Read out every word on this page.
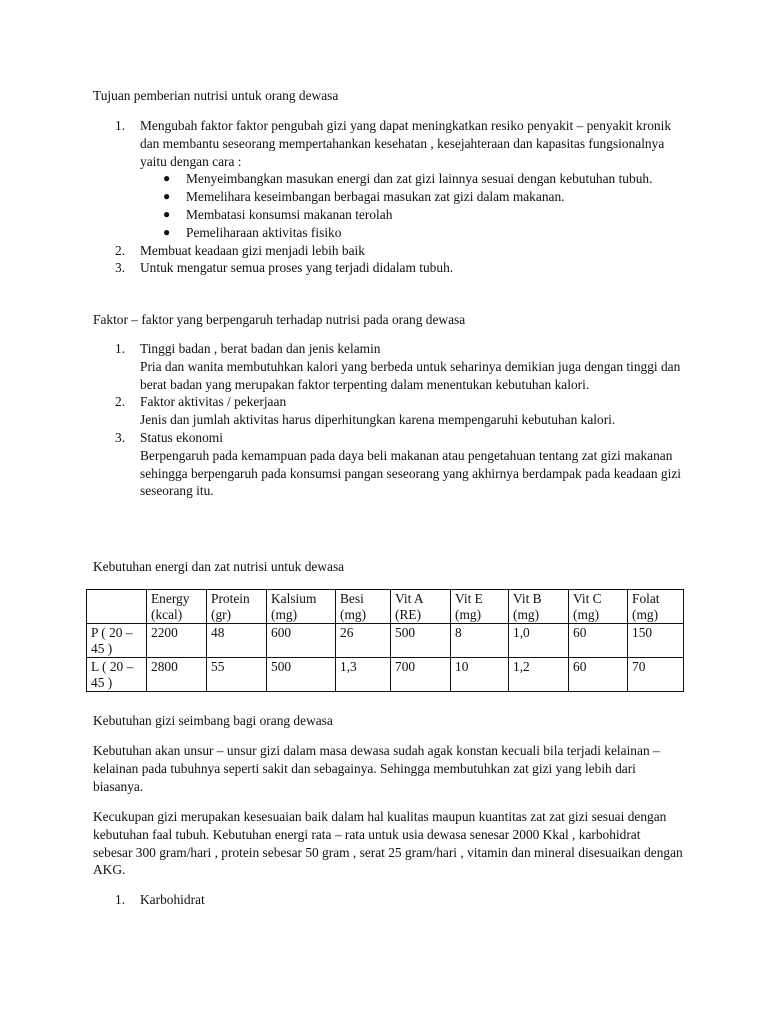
Tujuan pemberian nutrisi untuk orang dewasa

1. Mengubah faktor faktor pengubah gizi yang dapat meningkatkan resiko penyakit – penyakit kronik dan membantu seseorang mempertahankan kesehatan , kesejahteraan dan kapasitas fungsionalnya yaitu dengan cara :
● Menyeimbangkan masukan energi dan zat gizi lainnya sesuai dengan kebutuhan tubuh.
● Memelihara keseimbangan berbagai masukan zat gizi dalam makanan.
● Membatasi konsumsi makanan terolah
● Pemeliharaan aktivitas fisiko
2. Membuat keadaan gizi menjadi lebih baik
3. Untuk mengatur semua proses yang terjadi didalam tubuh.

Faktor – faktor yang berpengaruh terhadap nutrisi pada orang dewasa

1. Tinggi badan , berat badan dan jenis kelamin
Pria dan wanita membutuhkan kalori yang berbeda untuk seharinya demikian juga dengan tinggi dan berat badan yang merupakan faktor terpenting dalam menentukan kebutuhan kalori.
2. Faktor aktivitas / pekerjaan
Jenis dan jumlah aktivitas harus diperhitungkan karena mempengaruhi kebutuhan kalori.
3. Status ekonomi
Berpengaruh pada kemampuan pada daya beli makanan atau pengetahuan tentang zat gizi makanan sehingga berpengaruh pada konsumsi pangan seseorang yang akhirnya berdampak pada keadaan gizi seseorang itu.

Kebutuhan energi dan zat nutrisi untuk dewasa

	Energy (kcal)	Protein (gr)	Kalsium (mg)	Besi (mg)	Vit A (RE)	Vit E (mg)	Vit B (mg)	Vit C (mg)	Folat (mg)
P ( 20 – 45 )	2200	48	600	26	500	8	1,0	60	150
L ( 20 – 45 )	2800	55	500	1,3	700	10	1,2	60	70

Kebutuhan gizi seimbang bagi orang dewasa

Kebutuhan akan unsur – unsur gizi dalam masa dewasa sudah agak konstan kecuali bila terjadi kelainan – kelainan pada tubuhnya seperti sakit dan sebagainya. Sehingga membutuhkan zat gizi yang lebih dari biasanya.

Kecukupan gizi merupakan kesesuaian baik dalam hal kualitas maupun kuantitas zat zat gizi sesuai dengan kebutuhan faal tubuh. Kebutuhan energi rata – rata untuk usia dewasa senesar 2000 Kkal , karbohidrat sebesar 300 gram/hari , protein sebesar 50 gram , serat 25 gram/hari , vitamin dan mineral disesuaikan dengan AKG.

1. Karbohidrat
